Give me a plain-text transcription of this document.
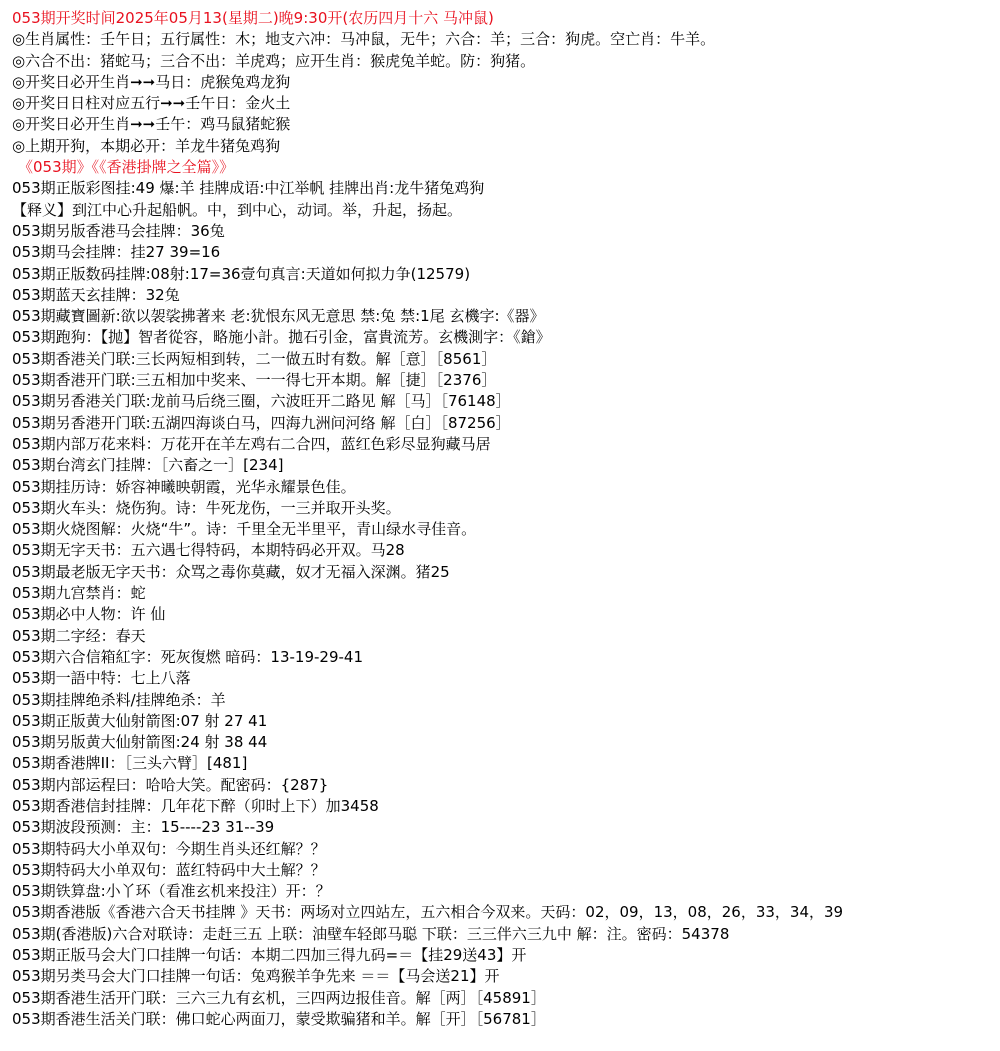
053期开奖时间2025年05月13(星期二)晚9:30开(农历四月十六 马冲鼠)
◎生肖属性：壬午日；五行属性：木；地支六冲：马冲鼠，无牛；六合：羊；三合：狗虎。空亡肖：牛羊。
◎六合不出：猪蛇马；三合不出：羊虎鸡；应开生肖：猴虎兔羊蛇。防：狗猪。
◎开奖日必开生肖➞➞马日：虎猴兔鸡龙狗
◎开奖日日柱对应五行➞➞壬午日：金火土
◎开奖日必开生肖➞➞壬午：鸡马鼠猪蛇猴
◎上期开狗，本期必开：羊龙牛猪兔鸡狗
《053期》《《香港掛牌之全篇》》
053期正版彩图挂:49 爆:羊 挂牌成语:中江举帆 挂牌出肖:龙牛猪兔鸡狗
【释义】到江中心升起船帆。中，到中心，动词。举，升起，扬起。
053期另版香港马会挂牌：36兔
053期马会挂牌：挂27 39=16
053期正版数码挂牌:08射:17=36壹句真言:天道如何拟力争(12579)
053期蓝天玄挂牌：32兔
053期藏寶圖新:欲以袈裟拂著来 老:犹恨东风无意思 禁:兔 禁:1尾 玄機字:《器》
053期跑狗：【抛】智者從容，略施小計。拋石引金，富貴流芳。玄機測字：《鎗》
053期香港关门联:三长两短相到转，二一做五时有数。解［意］［8561］
053期香港开门联:三五相加中奖来、一一得七开本期。解［捷］［2376］
053期另香港关门联:龙前马后绕三圈，六波旺开二路见 解［马］［76148］
053期另香港开门联:五湖四海谈白马，四海九洲问河络 解［白］［87256］
053期内部万花来料：万花开在羊左鸡右二合四，蓝红色彩尽显狗藏马居
053期台湾玄门挂牌：［六畜之一］[234]
053期挂历诗：娇容神曦映朝霞，光华永耀景色佳。
053期火车头：烧伤狗。诗：牛死龙伤，一三并取开头奖。
053期火烧图解：火烧“牛”。诗：千里全无半里平，青山绿水寻佳音。
053期无字天书：五六遇七得特码，本期特码必开双。马28
053期最老版无字天书：众骂之毒你莫藏，奴才无福入深渊。猪25
053期九宫禁肖：蛇
053期必中人物：许 仙
053期二字经：春天
053期六合信箱紅字：死灰復燃 暗码：13-19-29-41
053期一語中特：七上八落
053期挂牌绝杀料/挂牌绝杀：羊
053期正版黄大仙射箭图:07 射 27 41
053期另版黄大仙射箭图:24 射 38 44
053期香港牌II：［三头六臂］[481]
053期内部运程曰：哈哈大笑。配密码：{287}
053期香港信封挂牌：几年花下醉（卯时上下）加3458
053期波段预测：主：15----23 31--39
053期特码大小单双句：今期生肖头还红解？？
053期特码大小单双句：蓝红特码中大土解？？
053期铁算盘:小丫环（看准玄机来投注）开：？
053期香港版《香港六合天书挂牌 》天书：两场对立四站左，五六相合今双来。天码：02，09，13，08，26，33，34，39
053期(香港版)六合对联诗：走赶三五 上联：油壁车轻郎马聪 下联：三三伴六三九中 解：注。密码：54378
053期正版马会大门口挂牌一句话：本期二四加三得九码=＝【挂29送43】开
053期另类马会大门口挂牌一句话：兔鸡猴羊争先来 ＝＝【马会送21】开
053期香港生活开门联：三六三九有玄机，三四两边报佳音。解［两］［45891］
053期香港生活关门联：佛口蛇心两面刀，蒙受欺骗猪和羊。解［开］［56781］
